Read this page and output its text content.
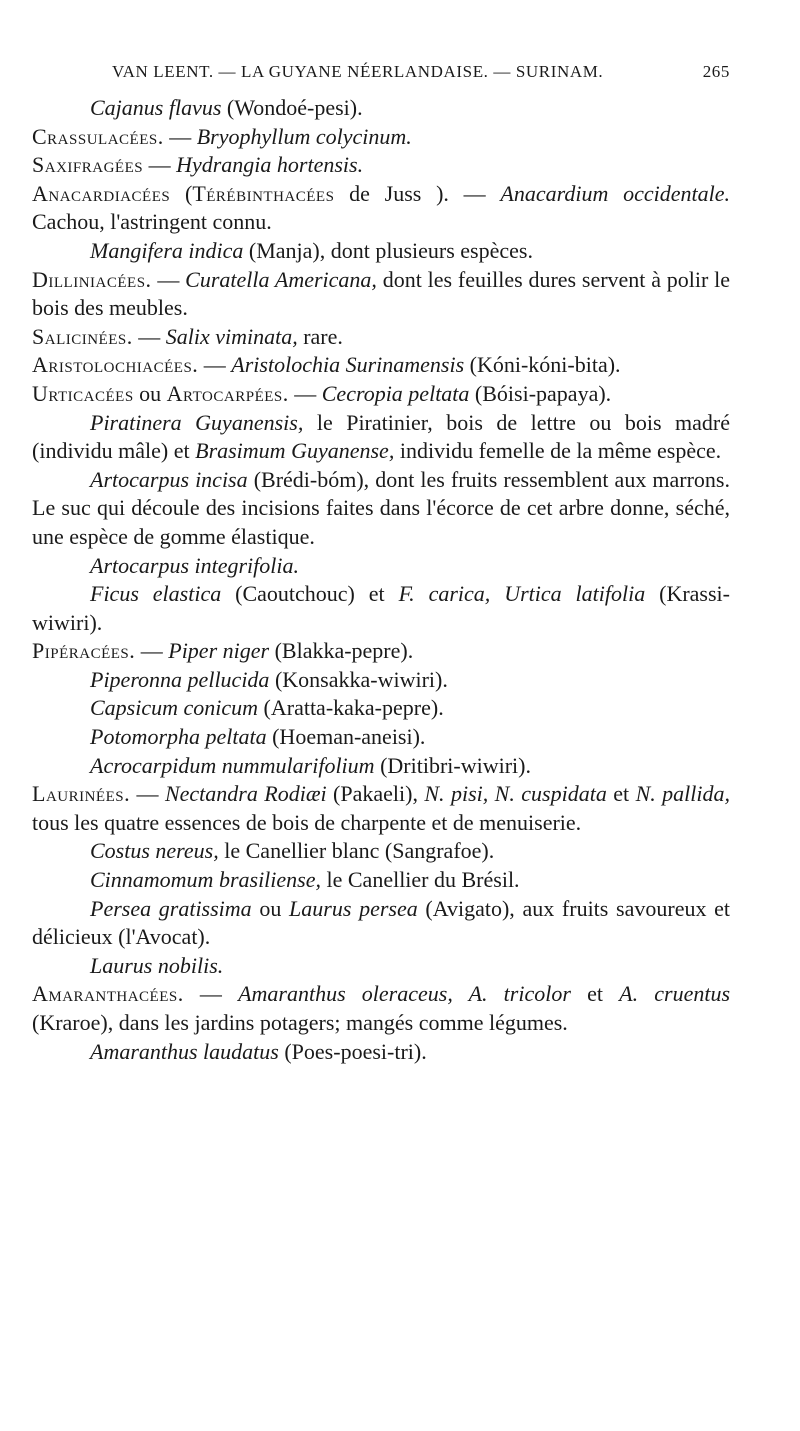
VAN LEENT. — LA GUYANE NÉERLANDAISE. — SURINAM.	265

Cajanus flavus (Wondoé-pesi).

Crassulacées. — Bryophyllum colycinum.

Saxifragées — Hydrangia hortensis.

Anacardiacées (Térébinthacées de Juss ). — Anacardium occidentale. Cachou, l'astringent connu.

Mangifera indica (Manja), dont plusieurs espèces.

Dilliniacées. — Curatella Americana, dont les feuilles dures servent à polir le bois des meubles.

Salicinées. — Salix viminata, rare.

Aristolochiacées. — Aristolochia Surinamensis (Kóni-kóni-bita).

Urticacées ou Artocarpées. — Cecropia peltata (Bóisi-papaya).

Piratinera Guyanensis, le Piratinier, bois de lettre ou bois madré (individu mâle) et Brasimum Guyanense, individu femelle de la même espèce.

Artocarpus incisa (Brédi-bóm), dont les fruits ressemblent aux marrons. Le suc qui découle des incisions faites dans l'écorce de cet arbre donne, séché, une espèce de gomme élastique.

Artocarpus integrifolia.

Ficus elastica (Caoutchouc) et F. carica, Urtica latifolia (Krassi-wiwiri).

Pipéracées. — Piper niger (Blakka-pepre).

Piperonna pellucida (Konsakka-wiwiri).

Capsicum conicum (Aratta-kaka-pepre).

Potomorpha peltata (Hoeman-aneisi).

Acrocarpidum nummularifolium (Dritibri-wiwiri).

Laurinées. — Nectandra Rodiæi (Pakaeli), N. pisi, N. cuspidata et N. pallida, tous les quatre essences de bois de charpente et de menuiserie.

Costus nereus, le Canellier blanc (Sangrafoe).

Cinnamomum brasiliense, le Canellier du Brésil.

Persea gratissima ou Laurus persea (Avigato), aux fruits savoureux et délicieux (l'Avocat).

Laurus nobilis.

Amaranthacées. — Amaranthus oleraceus, A. tricolor et A. cruentus (Kraroe), dans les jardins potagers; mangés comme légumes.

Amaranthus laudatus (Poes-poesi-tri).
